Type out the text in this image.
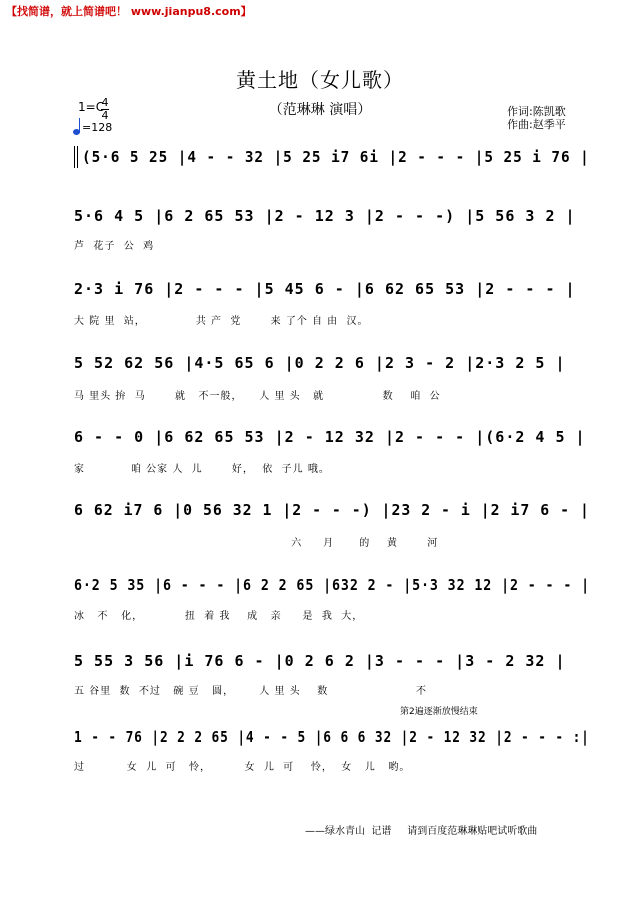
【找简谱，就上简谱吧！ www.jianpu8.com】
黄土地（女儿歌）
（范琳琳 演唱）	作词:陈凯歌
作曲:赵季平
1=C
4
4
=128
(5·6 5 25 |4 - - 32 |5 25 i7 6i |2 - - - |5 25 i 76 |
5·6 4 5 |6 2 65 53 |2 - 12 3 |2 - - -) |5 56 3 2 |
芦  花子  公  鸡
2·3 i 76 |2 - - - |5 45 6 - |6 62 65 53 |2 - - - |
大 院 里  站，            共 产  党       来 了个 自 由  汉。
5 52 62 56 |4·5 65 6 |0 2 2 6 |2 3 - 2 |2·3 2 5 |
马 里头 拚  马       就   不一般，    人 里 头   就              数    咱  公
6 - - 0 |6 62 65 53 |2 - 12 32 |2 - - - |(6·2 4 5 |
家           咱 公家 人  儿       好，  依  子儿 哦。
6 62 i7 6 |0 56 32 1 |2 - - -) |23 2 - i |2 i7 6 - |
六     月      的    黄       河
6·2 5 35 |6 - - - |6 2 2 65 |632 2 - |5·3 32 12 |2 - - - |
冰   不   化，          扭  着 我    成   亲     是  我  大，
5 55 3 56 |i 76 6 - |0 2 6 2 |3 - - - |3 - 2 32 |
五 谷里  数  不过   碗 豆   圆，      人 里 头    数                     不
1 - - 76 |2 2 2 65 |4 - - 5 |6 6 6 32 |2 - 12 32 |2 - - - :|
过          女  儿  可   怜，        女  儿  可    怜，  女   儿   哟。
第2遍逐渐放慢结束
——绿水青山  记谱     请到百度范琳琳贴吧试听歌曲
